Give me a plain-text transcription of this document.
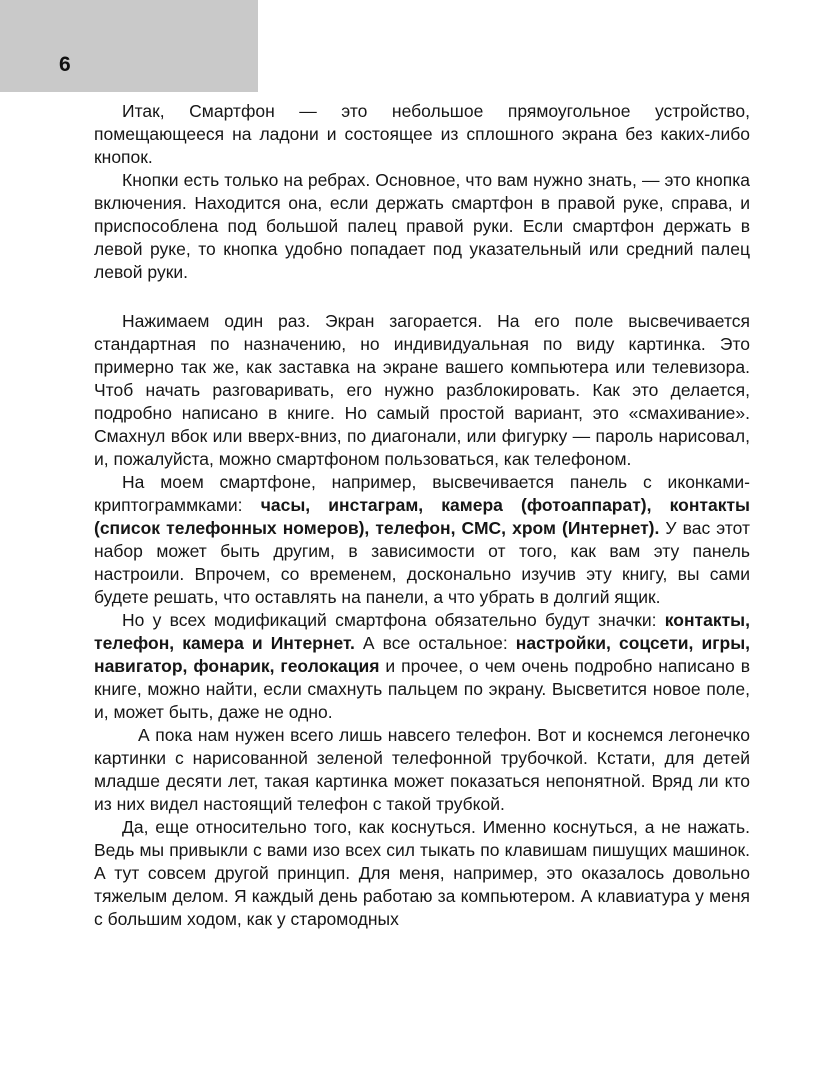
6

Итак, Смартфон — это небольшое прямоугольное устройство, помещающееся на ладони и состоящее из сплошного экрана без каких-либо кнопок.

Кнопки есть только на ребрах. Основное, что вам нужно знать, — это кнопка включения. Находится она, если держать смартфон в правой руке, справа, и приспособлена под большой палец правой руки. Если смартфон держать в левой руке, то кнопка удобно попадает под указательный или средний палец левой руки.

Нажимаем один раз. Экран загорается. На его поле высвечивается стандартная по назначению, но индивидуальная по виду картинка. Это примерно так же, как заставка на экране вашего компьютера или телевизора. Чтоб начать разговаривать, его нужно разблокировать. Как это делается, подробно написано в книге. Но самый простой вариант, это «смахивание». Смахнул вбок или вверх-вниз, по диагонали, или фигурку — пароль нарисовал, и, пожалуйста, можно смартфоном пользоваться, как телефоном.

На моем смартфоне, например, высвечивается панель с иконками-криптограммками: часы, инстаграм, камера (фотоаппарат), контакты (список телефонных номеров), телефон, СМС, хром (Интернет). У вас этот набор может быть другим, в зависимости от того, как вам эту панель настроили. Впрочем, со временем, досконально изучив эту книгу, вы сами будете решать, что оставлять на панели, а что убрать в долгий ящик.

Но у всех модификаций смартфона обязательно будут значки: контакты, телефон, камера и Интернет. А все остальное: настройки, соцсети, игры, навигатор, фонарик, геолокация и прочее, о чем очень подробно написано в книге, можно найти, если смахнуть пальцем по экрану. Высветится новое поле, и, может быть, даже не одно.

А пока нам нужен всего лишь навсего телефон. Вот и коснемся легонечко картинки с нарисованной зеленой телефонной трубочкой. Кстати, для детей младше десяти лет, такая картинка может показаться непонятной. Вряд ли кто из них видел настоящий телефон с такой трубкой.

Да, еще относительно того, как коснуться. Именно коснуться, а не нажать. Ведь мы привыкли с вами изо всех сил тыкать по клавишам пишущих машинок. А тут совсем другой принцип. Для меня, например, это оказалось довольно тяжелым делом. Я каждый день работаю за компьютером. А клавиатура у меня с большим ходом, как у старомодных
